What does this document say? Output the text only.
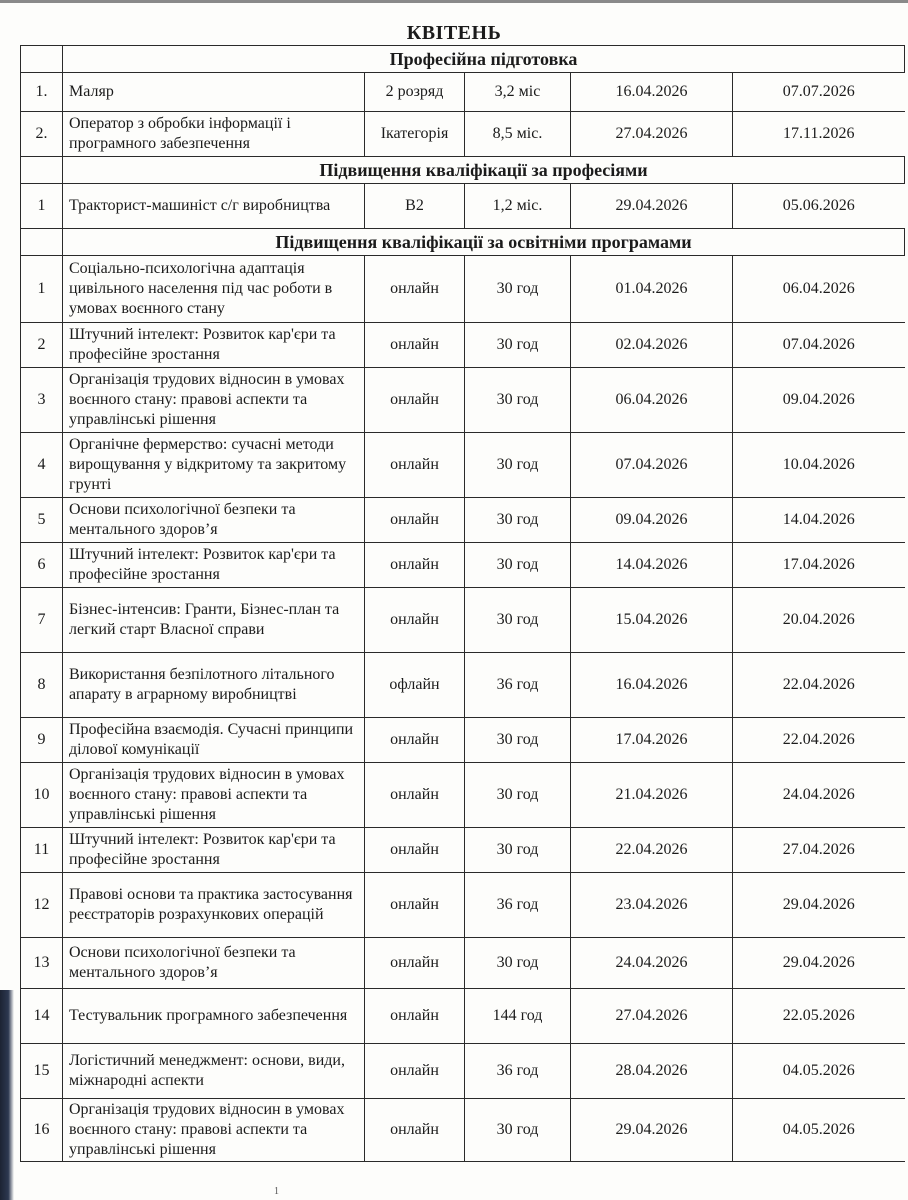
КВІТЕНЬ
	Професійна підготовка				
1.	Маляр	2 розряд	3,2 міс	16.04.2026	07.07.2026
2.	Оператор з обробки інформації і програмного забезпечення	Ікатегорія	8,5 міс.	27.04.2026	17.11.2026
	Підвищення кваліфікації за професіями				
1	Тракторист-машиніст с/г виробництва	В2	1,2 міс.	29.04.2026	05.06.2026
	Підвищення кваліфікації за освітніми програмами				
1	Соціально-психологічна адаптація цивільного населення під час роботи в умовах воєнного стану	онлайн	30 год	01.04.2026	06.04.2026
2	Штучний інтелект: Розвиток кар'єри та професійне зростання	онлайн	30 год	02.04.2026	07.04.2026
3	Організація трудових відносин в умовах воєнного стану: правові аспекти та управлінські рішення	онлайн	30 год	06.04.2026	09.04.2026
4	Органічне фермерство: сучасні методи вирощування у відкритому та закритому грунті	онлайн	30 год	07.04.2026	10.04.2026
5	Основи психологічної безпеки та ментального здоров’я	онлайн	30 год	09.04.2026	14.04.2026
6	Штучний інтелект: Розвиток кар'єри та професійне зростання	онлайн	30 год	14.04.2026	17.04.2026
7	Бізнес-інтенсив: Гранти, Бізнес-план та легкий старт Власної справи	онлайн	30 год	15.04.2026	20.04.2026
8	Використання безпілотного літального апарату в аграрному виробництві	офлайн	36 год	16.04.2026	22.04.2026
9	Професійна взаємодія. Сучасні принципи ділової комунікації	онлайн	30 год	17.04.2026	22.04.2026
10	Організація трудових відносин в умовах воєнного стану: правові аспекти та управлінські рішення	онлайн	30 год	21.04.2026	24.04.2026
11	Штучний інтелект: Розвиток кар'єри та професійне зростання	онлайн	30 год	22.04.2026	27.04.2026
12	Правові основи та практика застосування реєстраторів розрахункових операцій	онлайн	36 год	23.04.2026	29.04.2026
13	Основи психологічної безпеки та ментального здоров’я	онлайн	30 год	24.04.2026	29.04.2026
14	Тестувальник програмного забезпечення	онлайн	144 год	27.04.2026	22.05.2026
15	Логістичний менеджмент: основи, види, міжнародні аспекти	онлайн	36 год	28.04.2026	04.05.2026
16	Організація трудових відносин в умовах воєнного стану: правові аспекти та управлінські рішення	онлайн	30 год	29.04.2026	04.05.2026
1
